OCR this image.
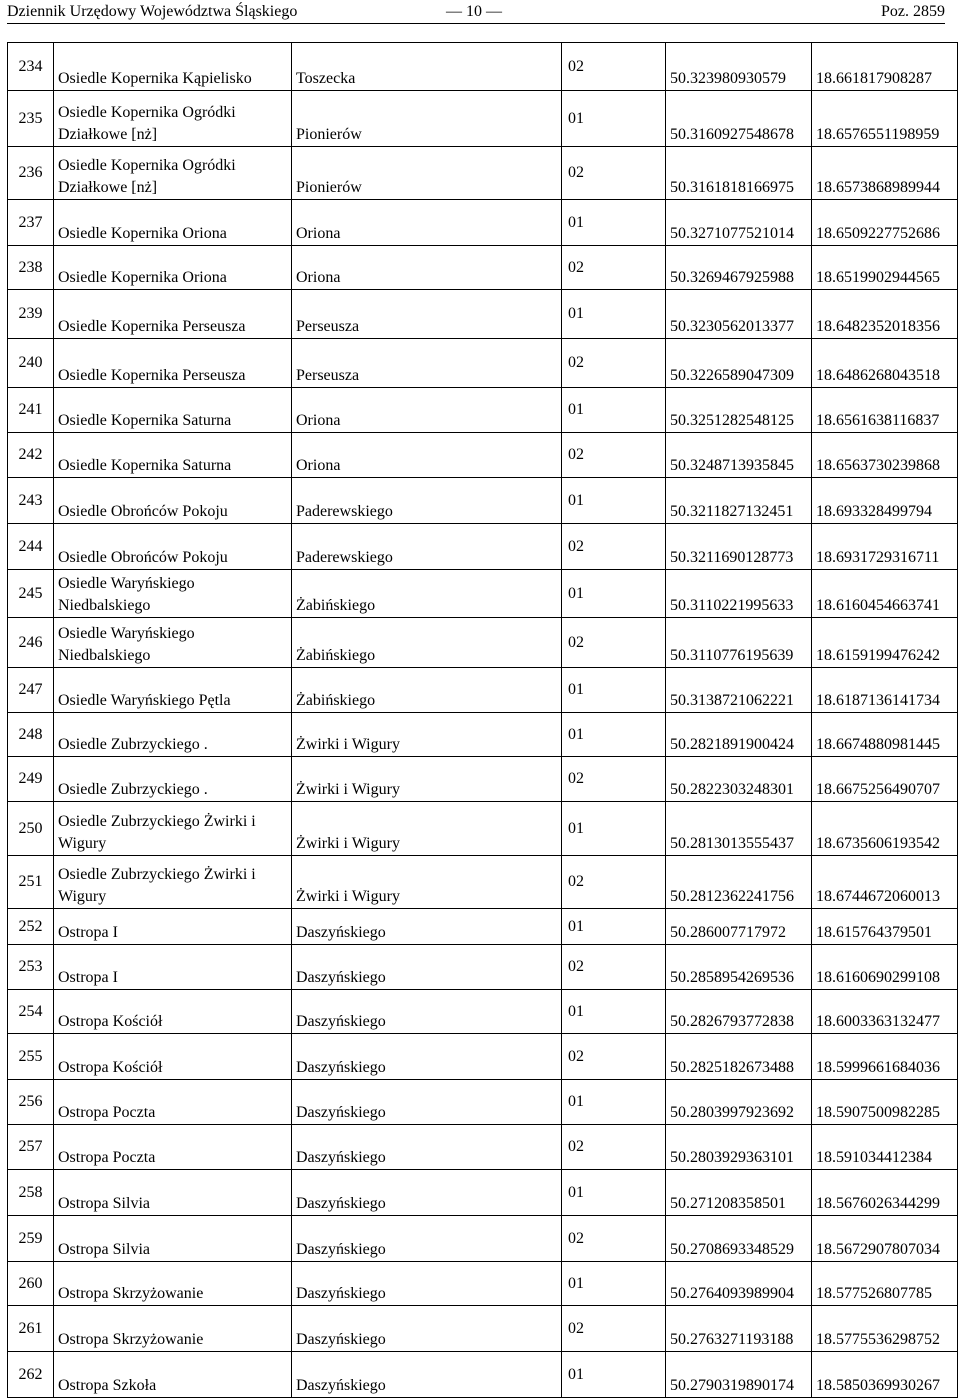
Dziennik Urzędowy Województwa Śląskiego	— 10 —	Poz. 2859
234	Osiedle Kopernika Kąpielisko	Toszecka	02	50.323980930579	18.661817908287
235	Osiedle Kopernika Ogródki Działkowe [nż]	Pionierów	01	50.3160927548678	18.6576551198959
236	Osiedle Kopernika Ogródki Działkowe [nż]	Pionierów	02	50.3161818166975	18.6573868989944
237	Osiedle Kopernika Oriona	Oriona	01	50.3271077521014	18.6509227752686
238	Osiedle Kopernika Oriona	Oriona	02	50.3269467925988	18.6519902944565
239	Osiedle Kopernika Perseusza	Perseusza	01	50.3230562013377	18.6482352018356
240	Osiedle Kopernika Perseusza	Perseusza	02	50.3226589047309	18.6486268043518
241	Osiedle Kopernika Saturna	Oriona	01	50.3251282548125	18.6561638116837
242	Osiedle Kopernika Saturna	Oriona	02	50.3248713935845	18.6563730239868
243	Osiedle Obrońców Pokoju	Paderewskiego	01	50.3211827132451	18.693328499794
244	Osiedle Obrońców Pokoju	Paderewskiego	02	50.3211690128773	18.6931729316711
245	Osiedle Waryńskiego Niedbalskiego	Żabińskiego	01	50.3110221995633	18.6160454663741
246	Osiedle Waryńskiego Niedbalskiego	Żabińskiego	02	50.3110776195639	18.6159199476242
247	Osiedle Waryńskiego Pętla	Żabińskiego	01	50.3138721062221	18.6187136141734
248	Osiedle Zubrzyckiego .	Żwirki i Wigury	01	50.2821891900424	18.6674880981445
249	Osiedle Zubrzyckiego .	Żwirki i Wigury	02	50.2822303248301	18.6675256490707
250	Osiedle Zubrzyckiego Żwirki i Wigury	Żwirki i Wigury	01	50.2813013555437	18.6735606193542
251	Osiedle Zubrzyckiego Żwirki i Wigury	Żwirki i Wigury	02	50.2812362241756	18.6744672060013
252	Ostropa I	Daszyńskiego	01	50.286007717972	18.615764379501
253	Ostropa I	Daszyńskiego	02	50.2858954269536	18.6160690299108
254	Ostropa Kościół	Daszyńskiego	01	50.2826793772838	18.6003363132477
255	Ostropa Kościół	Daszyńskiego	02	50.2825182673488	18.5999661684036
256	Ostropa Poczta	Daszyńskiego	01	50.2803997923692	18.5907500982285
257	Ostropa Poczta	Daszyńskiego	02	50.2803929363101	18.591034412384
258	Ostropa Silvia	Daszyńskiego	01	50.271208358501	18.5676026344299
259	Ostropa Silvia	Daszyńskiego	02	50.2708693348529	18.5672907807034
260	Ostropa Skrzyżowanie	Daszyńskiego	01	50.2764093989904	18.577526807785
261	Ostropa Skrzyżowanie	Daszyńskiego	02	50.2763271193188	18.5775536298752
262	Ostropa Szkoła	Daszyńskiego	01	50.2790319890174	18.5850369930267
